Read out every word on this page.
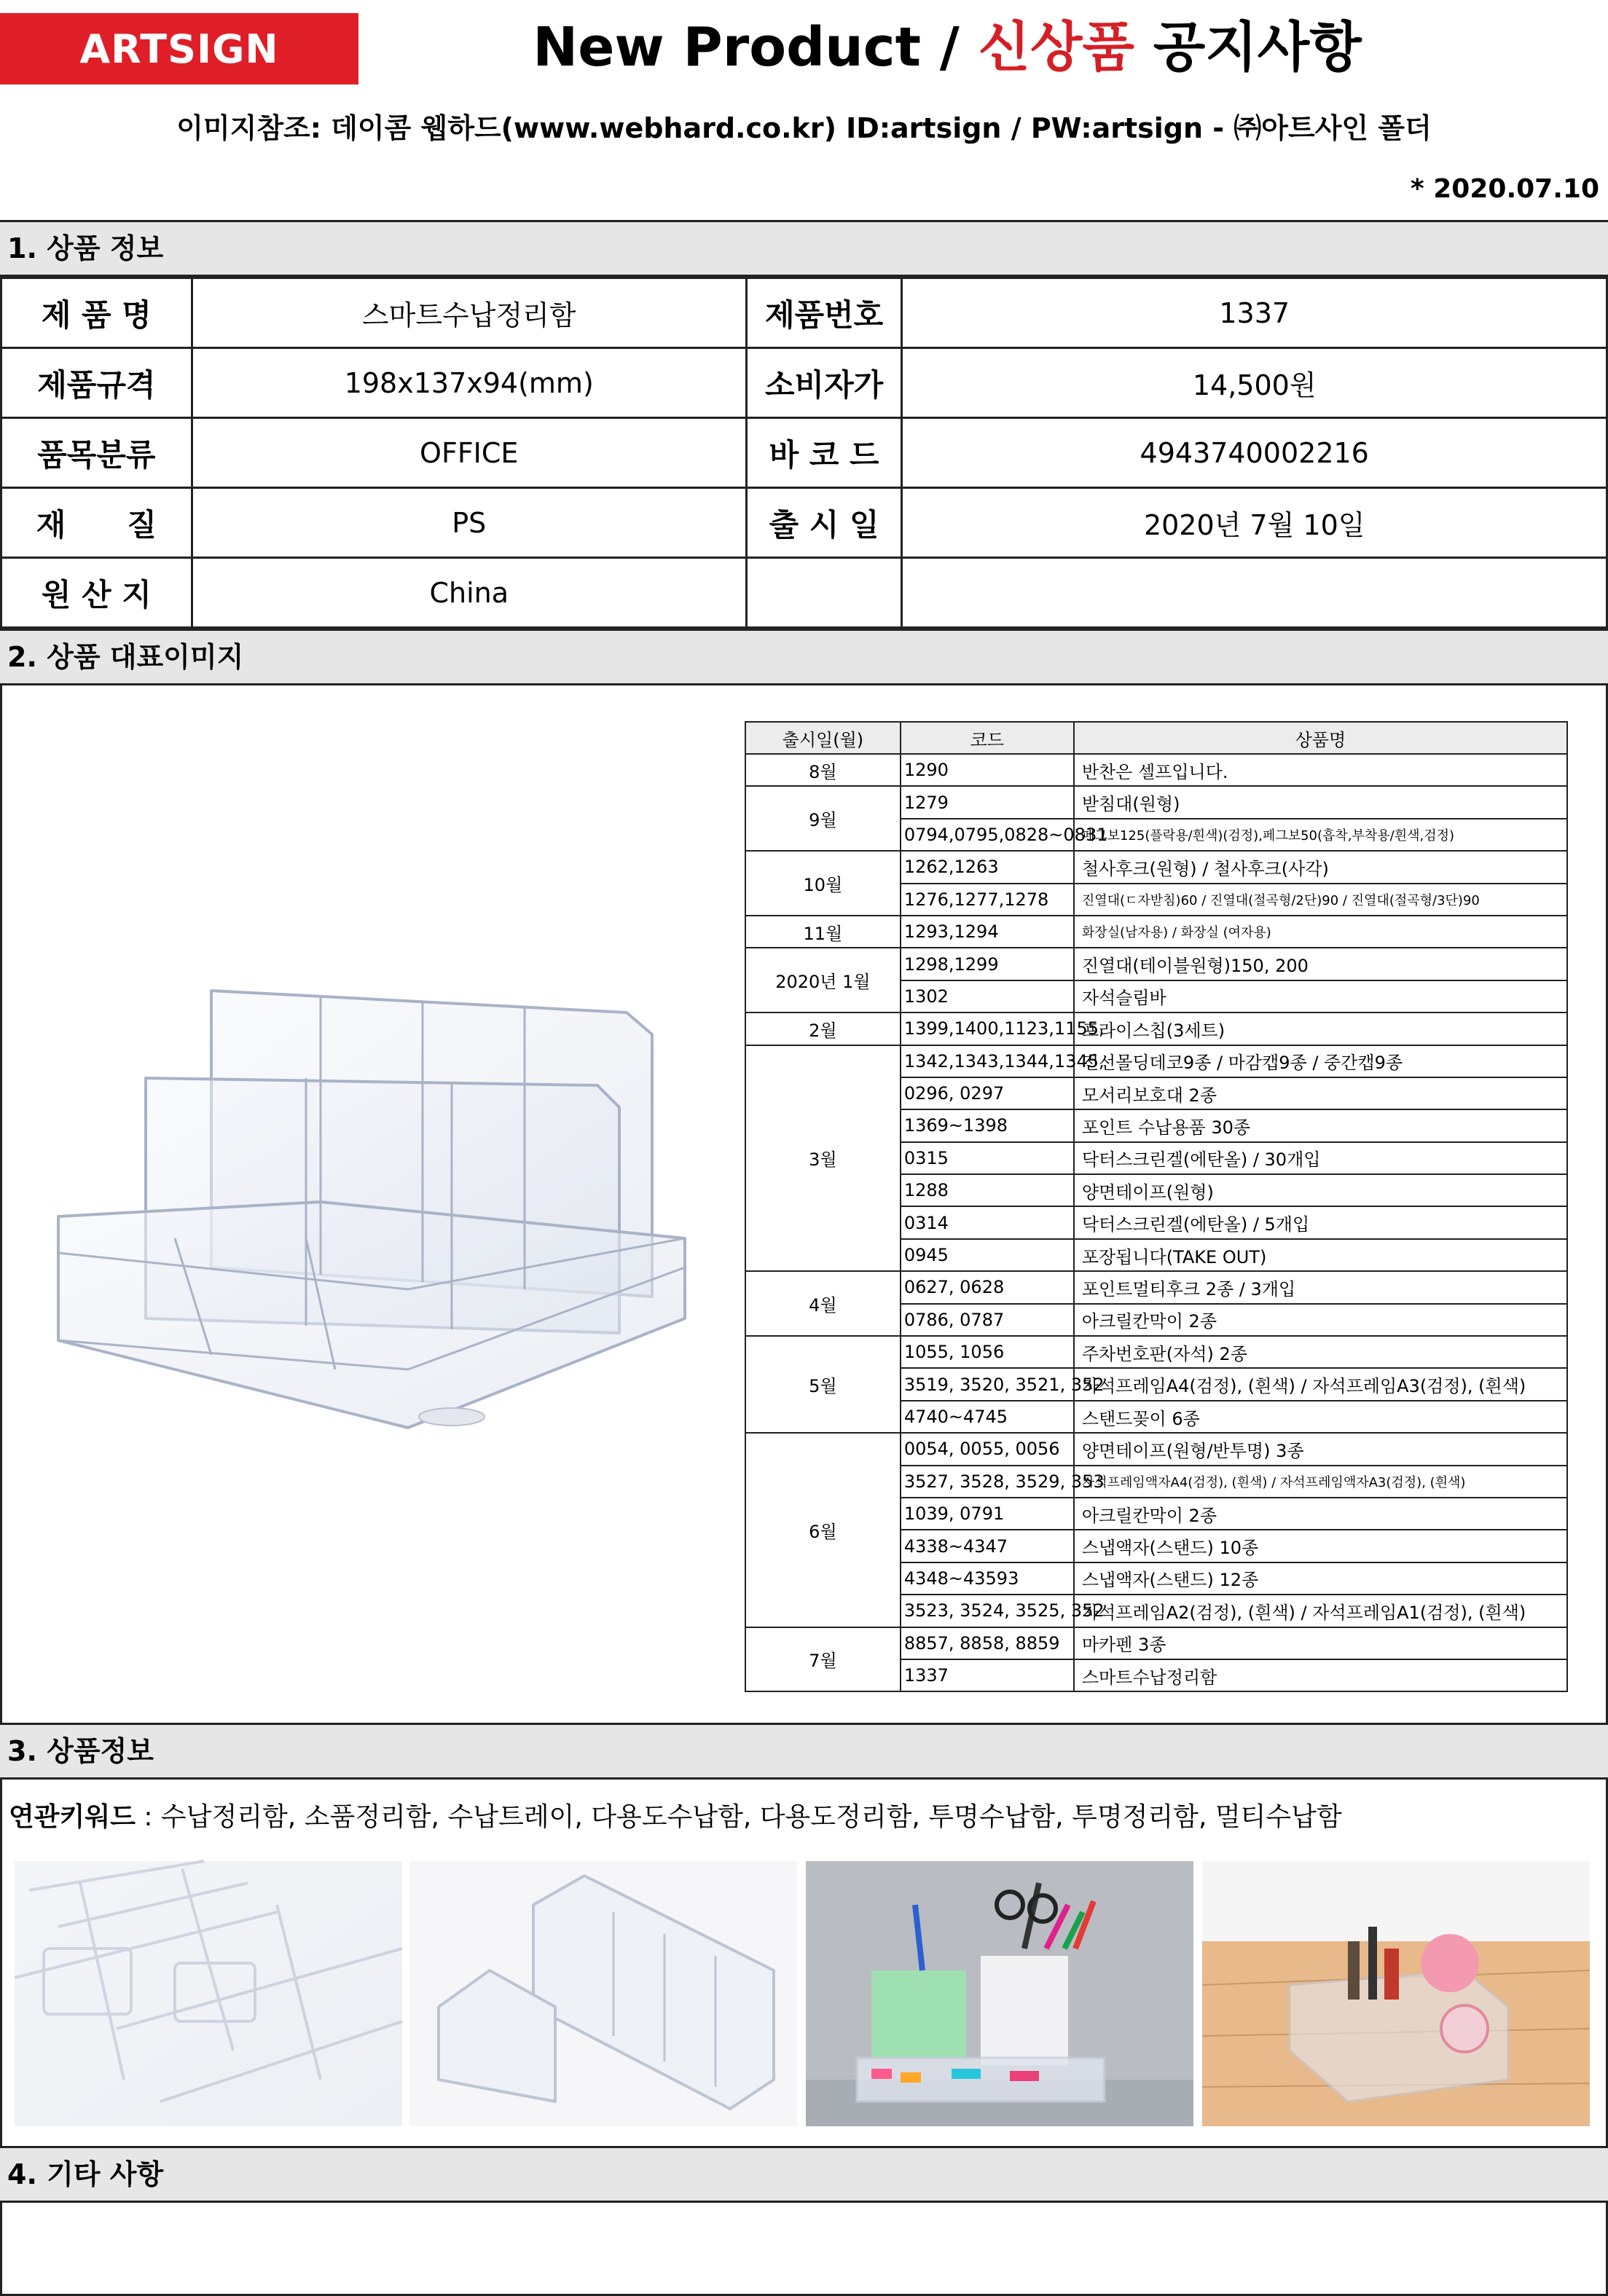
ARTSIGN	New Product / 신상품 공지사항
이미지참조: 데이콤 웹하드(www.webhard.co.kr) ID:artsign / PW:artsign - ㈜아트사인 폴더
* 2020.07.10
1. 상품 정보
제 품 명	스마트수납정리함	제품번호	1337
제품규격	198x137x94(mm)	소비자가	14,500원
품목분류	OFFICE	바 코 드	4943740002216
재　　질	PS	출 시 일	2020년 7월 10일
원 산 지	China		
2. 상품 대표이미지
출시일(월)	코드	상품명
8월	1290	반찬은 셀프입니다.
9월	1279	받침대(원형)
	0794,0795,0828~0831	페그보125(플락용/흰색)(검정),페그보50(흡착,부착용/흰색,검정)
10월	1262,1263	철사후크(원형) / 철사후크(사각)
	1276,1277,1278	진열대(ㄷ자받침)60 / 진열대(절곡형/2단)90 / 진열대(절곡형/3단)90
11월	1293,1294	화장실(남자용) / 화장실 (여자용)
2020년 1월	1298,1299	진열대(테이블원형)150, 200
	1302	자석슬림바
2월	1399,1400,1123,1155,	프라이스칩(3세트)
3월	1342,1343,1344,1345,	전선몰딩데코9종 / 마감캡9종 / 중간캡9종
	0296, 0297	모서리보호대 2종
	1369~1398	포인트 수납용품 30종
	0315	닥터스크린겔(에탄올) / 30개입
	1288	양면테이프(원형)
	0314	닥터스크린겔(에탄올) / 5개입
	0945	포장됩니다(TAKE OUT)
4월	0627, 0628	포인트멀티후크 2종 / 3개입
	0786, 0787	아크릴칸막이 2종
5월	1055, 1056	주차번호판(자석) 2종
	3519, 3520, 3521, 352	자석프레임A4(검정), (흰색) / 자석프레임A3(검정), (흰색)
	4740~4745	스탠드꽂이 6종
6월	0054, 0055, 0056	양면테이프(원형/반투명) 3종
	3527, 3528, 3529, 353	자석프레임액자A4(검정), (흰색) / 자석프레임액자A3(검정), (흰색)
	1039, 0791	아크릴칸막이 2종
	4338~4347	스냅액자(스탠드) 10종
	4348~43593	스냅액자(스탠드) 12종
	3523, 3524, 3525, 352	자석프레임A2(검정), (흰색) / 자석프레임A1(검정), (흰색)
7월	8857, 8858, 8859	마카펜 3종
	1337	스마트수납정리함
3. 상품정보
연관키워드 : 수납정리함, 소품정리함, 수납트레이, 다용도수납함, 다용도정리함, 투명수납함, 투명정리함, 멀티수납함
4. 기타 사항
